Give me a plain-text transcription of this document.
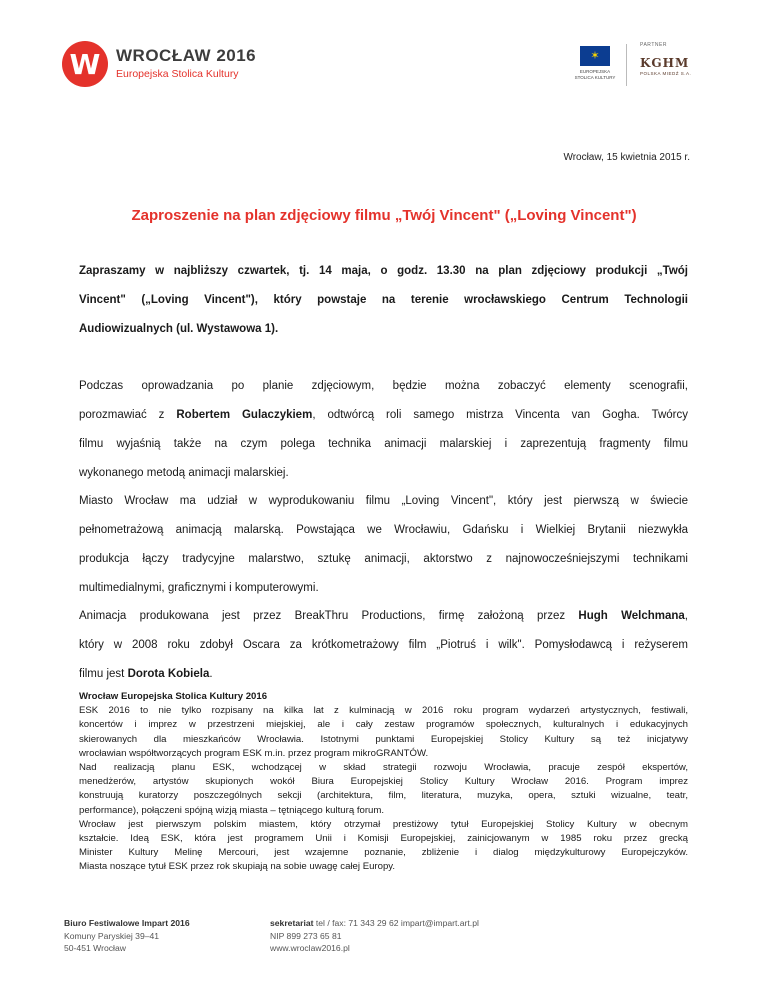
W WROCŁAW 2016
Europejska Stolica Kultury
✶
EUROPEJSKA
STOLICA KULTURY
PARTNER
KGHM
POLSKA MIEDŹ S.A.
Wrocław, 15 kwietnia 2015 r.
Zaproszenie na plan zdjęciowy filmu „Twój Vincent" („Loving Vincent")
Zapraszamy w najbliższy czwartek, tj. 14 maja, o godz. 13.30 na plan zdjęciowy produkcji „Twój
Vincent" („Loving Vincent"), który powstaje na terenie wrocławskiego Centrum Technologii
Audiowizualnych (ul. Wystawowa 1).
Podczas oprowadzania po planie zdjęciowym, będzie można zobaczyć elementy scenografii,
porozmawiać z Robertem Gulaczykiem, odtwórcą roli samego mistrza Vincenta van Gogha. Twórcy
filmu wyjaśnią także na czym polega technika animacji malarskiej i zaprezentują fragmenty filmu
wykonanego metodą animacji malarskiej.
Miasto Wrocław ma udział w wyprodukowaniu filmu „Loving Vincent", który jest pierwszą w świecie
pełnometrażową animacją malarską. Powstająca we Wrocławiu, Gdańsku i Wielkiej Brytanii niezwykła
produkcja łączy tradycyjne malarstwo, sztukę animacji, aktorstwo z najnowocześniejszymi technikami
multimedialnymi, graficznymi i komputerowymi.
Animacja produkowana jest przez BreakThru Productions, firmę założoną przez Hugh Welchmana,
który w 2008 roku zdobył Oscara za krótkometrażowy film „Piotruś i wilk". Pomysłodawcą i reżyserem
filmu jest Dorota Kobiela.
Wrocław Europejska Stolica Kultury 2016
ESK 2016 to nie tylko rozpisany na kilka lat z kulminacją w 2016 roku program wydarzeń artystycznych, festiwali,
koncertów i imprez w przestrzeni miejskiej, ale i cały zestaw programów społecznych, kulturalnych i edukacyjnych
skierowanych dla mieszkańców Wrocławia. Istotnymi punktami Europejskiej Stolicy Kultury są też inicjatywy
wrocławian współtworzących program ESK m.in. przez program mikroGRANTÓW.
Nad realizacją planu ESK, wchodzącej w skład strategii rozwoju Wrocławia, pracuje zespół ekspertów,
menedżerów, artystów skupionych wokół Biura Europejskiej Stolicy Kultury Wrocław 2016. Program imprez
konstruują kuratorzy poszczególnych sekcji (architektura, film, literatura, muzyka, opera, sztuki wizualne, teatr,
performance), połączeni spójną wizją miasta – tętniącego kulturą forum.
Wrocław jest pierwszym polskim miastem, który otrzymał prestiżowy tytuł Europejskiej Stolicy Kultury w obecnym
kształcie. Ideą ESK, która jest programem Unii i Komisji Europejskiej, zainicjowanym w 1985 roku przez grecką
Minister Kultury Melinę Mercouri, jest wzajemne poznanie, zbliżenie i dialog międzykulturowy Europejczyków.
Miasta noszące tytuł ESK przez rok skupiają na sobie uwagę całej Europy.
Biuro Festiwalowe Impart 2016
Komuny Paryskiej 39–41
50-451 Wrocław
sekretariat tel / fax: 71 343 29 62 impart@impart.art.pl
NIP 899 273 65 81
www.wroclaw2016.pl
